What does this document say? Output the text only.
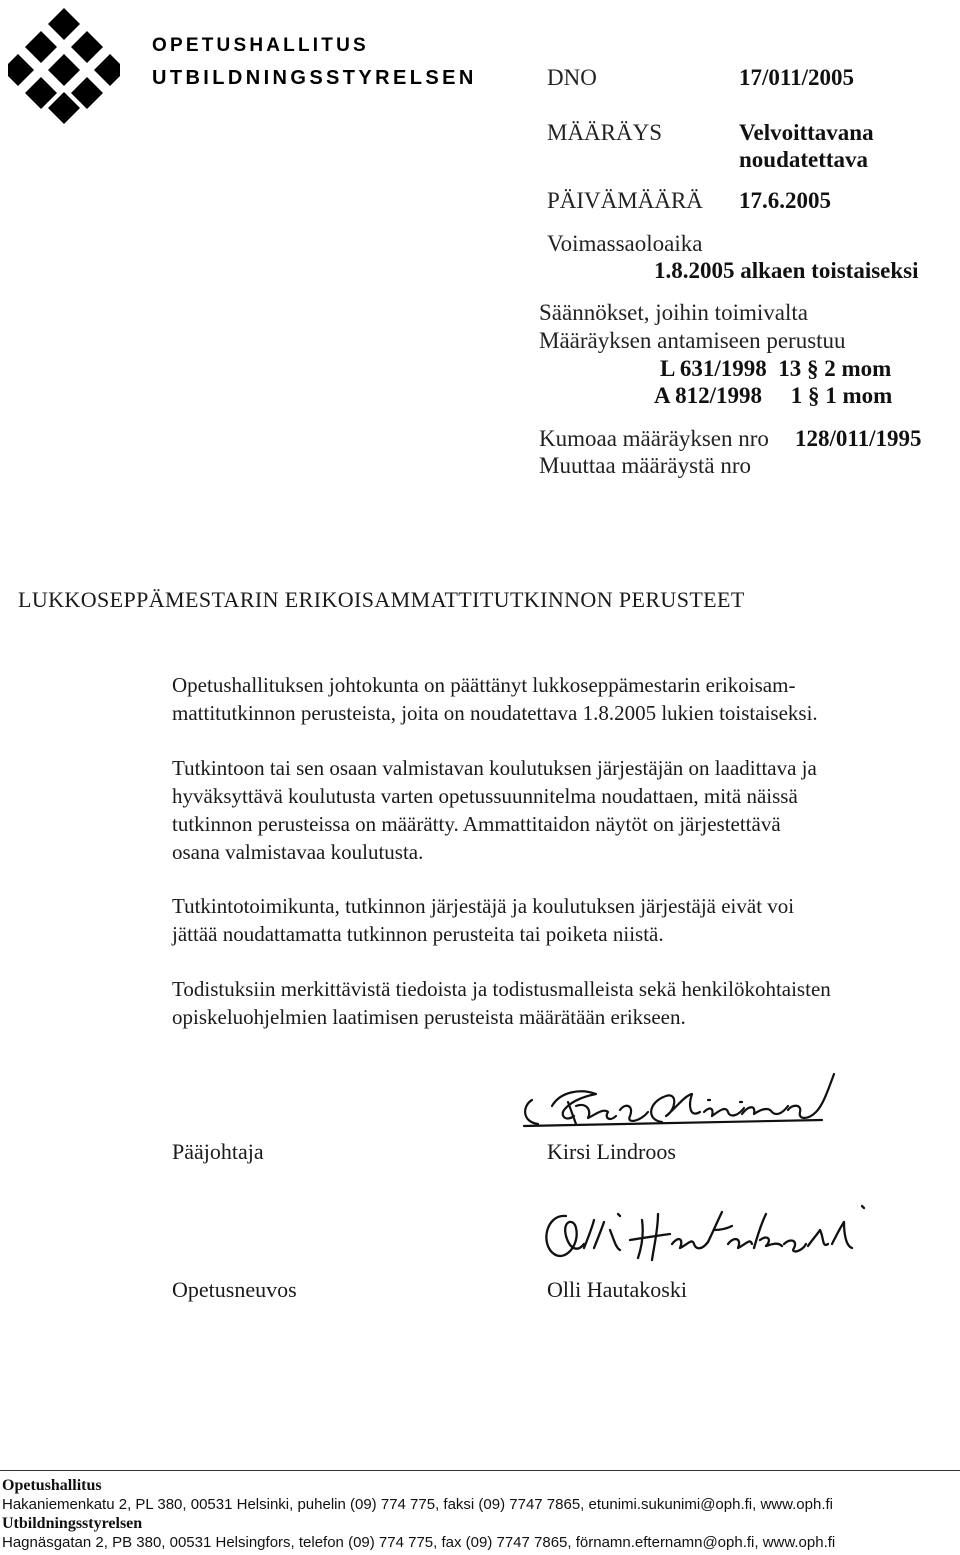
OPETUSHALLITUS
UTBILDNINGSSTYRELSEN	DNO	17/011/2005
MÄÄRÄYS	Velvoittavana
noudatettava
PÄIVÄMÄÄRÄ 17.6.2005
Voimassaoloaika
1.8.2005 alkaen toistaiseksi
Säännökset, joihin toimivalta
Määräyksen antamiseen perustuu
L 631/1998  13 § 2 mom
A 812/1998     1 § 1 mom
Kumoaa määräyksen nro 128/011/1995
Muuttaa määräystä nro
LUKKOSEPPÄMESTARIN ERIKOISAMMATTITUTKINNON PERUSTEET

Opetushallituksen johtokunta on päättänyt lukkoseppämestarin erikoisam-

mattitutkinnon perusteista, joita on noudatettava 1.8.2005 lukien toistaiseksi.

Tutkintoon tai sen osaan valmistavan koulutuksen järjestäjän on laadittava ja

hyväksyttävä koulutusta varten opetussuunnitelma noudattaen, mitä näissä

tutkinnon perusteissa on määrätty. Ammattitaidon näytöt on järjestettävä

osana valmistavaa koulutusta.

Tutkintotoimikunta, tutkinnon järjestäjä ja koulutuksen järjestäjä eivät voi

jättää noudattamatta tutkinnon perusteita tai poiketa niistä.

Todistuksiin merkittävistä tiedoista ja todistusmalleista sekä henkilökohtaisten

opiskeluohjelmien laatimisen perusteista määrätään erikseen.

Pääjohtaja	Kirsi Lindroos
Opetusneuvos	Olli Hautakoski
Opetushallitus
Hakaniemenkatu 2, PL 380, 00531 Helsinki, puhelin (09) 774 775, faksi (09) 7747 7865, etunimi.sukunimi@oph.fi, www.oph.fi
Utbildningsstyrelsen
Hagnäsgatan 2, PB 380, 00531 Helsingfors, telefon (09) 774 775, fax (09) 7747 7865, förnamn.efternamn@oph.fi, www.oph.fi
